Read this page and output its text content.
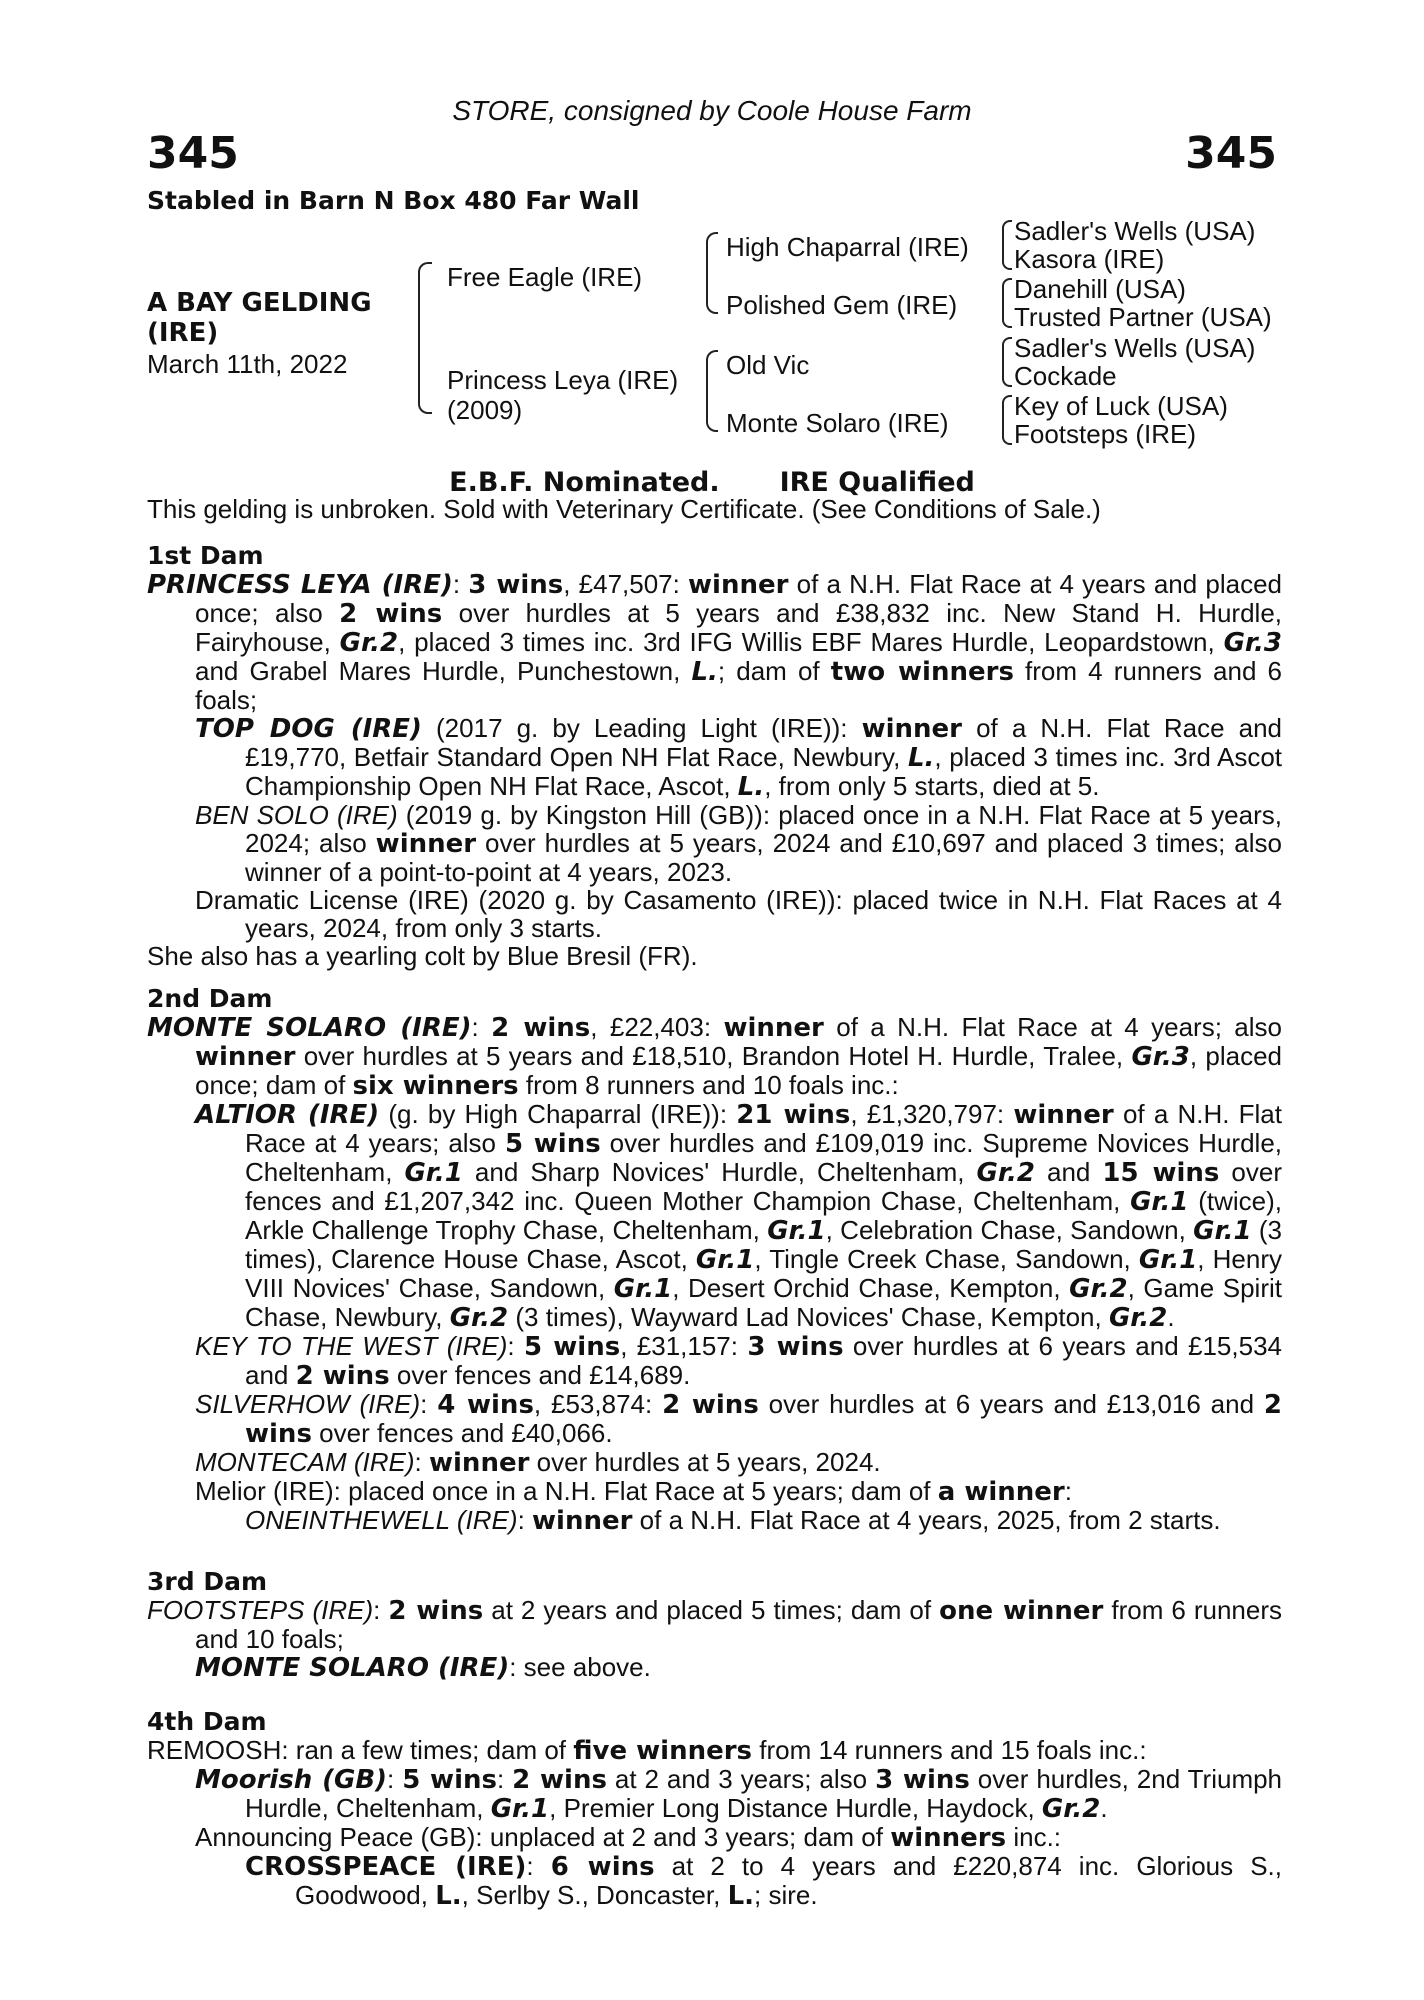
STORE, consigned by Coole House Farm
345	345
Stabled in Barn N Box 480 Far Wall
A BAY GELDING
(IRE)
March 11th, 2022
Free Eagle (IRE)
Princess Leya (IRE)
(2009)
High Chaparral (IRE)
Polished Gem (IRE)
Old Vic
Monte Solaro (IRE)
Sadler's Wells (USA)
Kasora (IRE)
Danehill (USA)
Trusted Partner (USA)
Sadler's Wells (USA)
Cockade
Key of Luck (USA)
Footsteps (IRE)
E.B.F. Nominated. IRE Qualified
This gelding is unbroken. Sold with Veterinary Certificate. (See Conditions of Sale.)
1st Dam
PRINCESS LEYA (IRE): 3 wins, £47,507: winner of a N.H. Flat Race at 4 years and placed once; also 2 wins over hurdles at 5 years and £38,832 inc. New Stand H. Hurdle, Fairyhouse, Gr.2, placed 3 times inc. 3rd IFG Willis EBF Mares Hurdle, Leopardstown, Gr.3 and Grabel Mares Hurdle, Punchestown, L.; dam of two winners from 4 runners and 6 foals;
TOP DOG (IRE) (2017 g. by Leading Light (IRE)): winner of a N.H. Flat Race and £19,770, Betfair Standard Open NH Flat Race, Newbury, L., placed 3 times inc. 3rd Ascot Championship Open NH Flat Race, Ascot, L., from only 5 starts, died at 5.
BEN SOLO (IRE) (2019 g. by Kingston Hill (GB)): placed once in a N.H. Flat Race at 5 years, 2024; also winner over hurdles at 5 years, 2024 and £10,697 and placed 3 times; also winner of a point-to-point at 4 years, 2023.
Dramatic License (IRE) (2020 g. by Casamento (IRE)): placed twice in N.H. Flat Races at 4 years, 2024, from only 3 starts.
She also has a yearling colt by Blue Bresil (FR).
2nd Dam
MONTE SOLARO (IRE): 2 wins, £22,403: winner of a N.H. Flat Race at 4 years; also winner over hurdles at 5 years and £18,510, Brandon Hotel H. Hurdle, Tralee, Gr.3, placed once; dam of six winners from 8 runners and 10 foals inc.:
ALTIOR (IRE) (g. by High Chaparral (IRE)): 21 wins, £1,320,797: winner of a N.H. Flat Race at 4 years; also 5 wins over hurdles and £109,019 inc. Supreme Novices Hurdle, Cheltenham, Gr.1 and Sharp Novices' Hurdle, Cheltenham, Gr.2 and 15 wins over fences and £1,207,342 inc. Queen Mother Champion Chase, Cheltenham, Gr.1 (twice), Arkle Challenge Trophy Chase, Cheltenham, Gr.1, Celebration Chase, Sandown, Gr.1 (3 times), Clarence House Chase, Ascot, Gr.1, Tingle Creek Chase, Sandown, Gr.1, Henry VIII Novices' Chase, Sandown, Gr.1, Desert Orchid Chase, Kempton, Gr.2, Game Spirit Chase, Newbury, Gr.2 (3 times), Wayward Lad Novices' Chase, Kempton, Gr.2.
KEY TO THE WEST (IRE): 5 wins, £31,157: 3 wins over hurdles at 6 years and £15,534 and 2 wins over fences and £14,689.
SILVERHOW (IRE): 4 wins, £53,874: 2 wins over hurdles at 6 years and £13,016 and 2 wins over fences and £40,066.
MONTECAM (IRE): winner over hurdles at 5 years, 2024.
Melior (IRE): placed once in a N.H. Flat Race at 5 years; dam of a winner:
ONEINTHEWELL (IRE): winner of a N.H. Flat Race at 4 years, 2025, from 2 starts.
3rd Dam
FOOTSTEPS (IRE): 2 wins at 2 years and placed 5 times; dam of one winner from 6 runners and 10 foals;
MONTE SOLARO (IRE): see above.
4th Dam
REMOOSH: ran a few times; dam of five winners from 14 runners and 15 foals inc.:
Moorish (GB): 5 wins: 2 wins at 2 and 3 years; also 3 wins over hurdles, 2nd Triumph Hurdle, Cheltenham, Gr.1, Premier Long Distance Hurdle, Haydock, Gr.2.
Announcing Peace (GB): unplaced at 2 and 3 years; dam of winners inc.:
CROSSPEACE (IRE): 6 wins at 2 to 4 years and £220,874 inc. Glorious S., Goodwood, L., Serlby S., Doncaster, L.; sire.
